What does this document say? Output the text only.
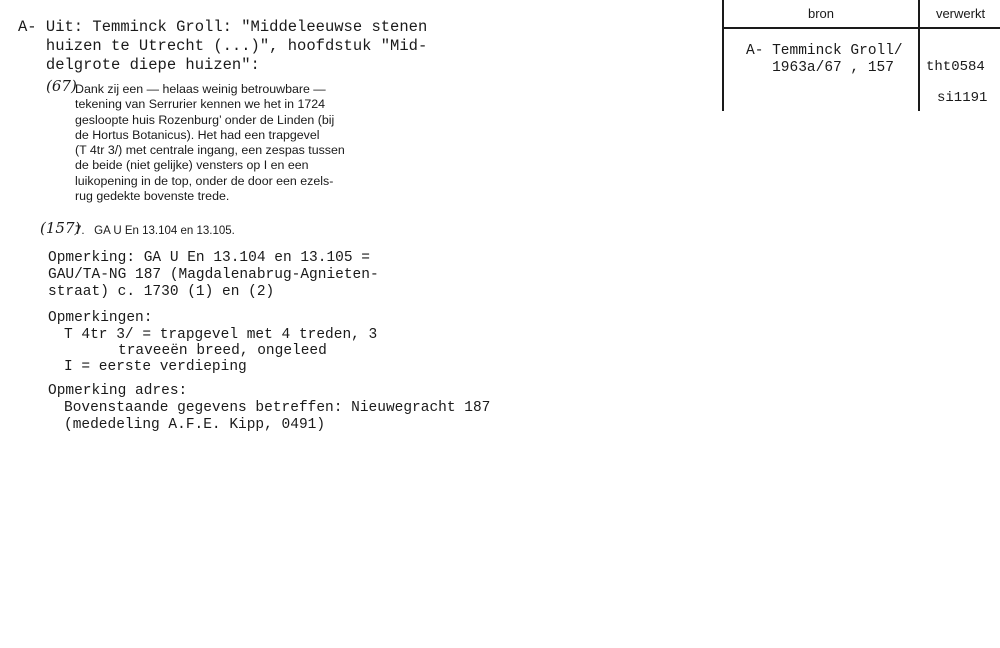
A- Uit: Temminck Groll: "Middeleeuwse stenen
huizen te Utrecht (...)", hoofdstuk "Mid-
delgrote diepe huizen":
(67)
Dank zij een — helaas weinig betrouwbare —
tekening van Serrurier kennen we het in 1724
gesloopte huis Rozenburg’ onder de Linden (bij
de Hortus Botanicus). Het had een trapgevel
(T 4tr 3/) met centrale ingang, een zespas tussen
de beide (niet gelijke) vensters op I en een
luikopening in de top, onder de door een ezels-
rug gedekte bovenste trede.
(157)
7.   GA U En 13.104 en 13.105.
Opmerking: GA U En 13.104 en 13.105 =
GAU/TA-NG 187 (Magdalenabrug-Agnieten-
straat) c. 1730 (1) en (2)
Opmerkingen:
T 4tr 3/ = trapgevel met 4 treden, 3
traveeën breed, ongeleed
I = eerste verdieping
Opmerking adres:
Bovenstaande gegevens betreffen: Nieuwegracht 187
(mededeling A.F.E. Kipp, 0491)
bron	verwerkt
A- Temminck Groll/
1963a/67 , 157	tht0584
si1191
